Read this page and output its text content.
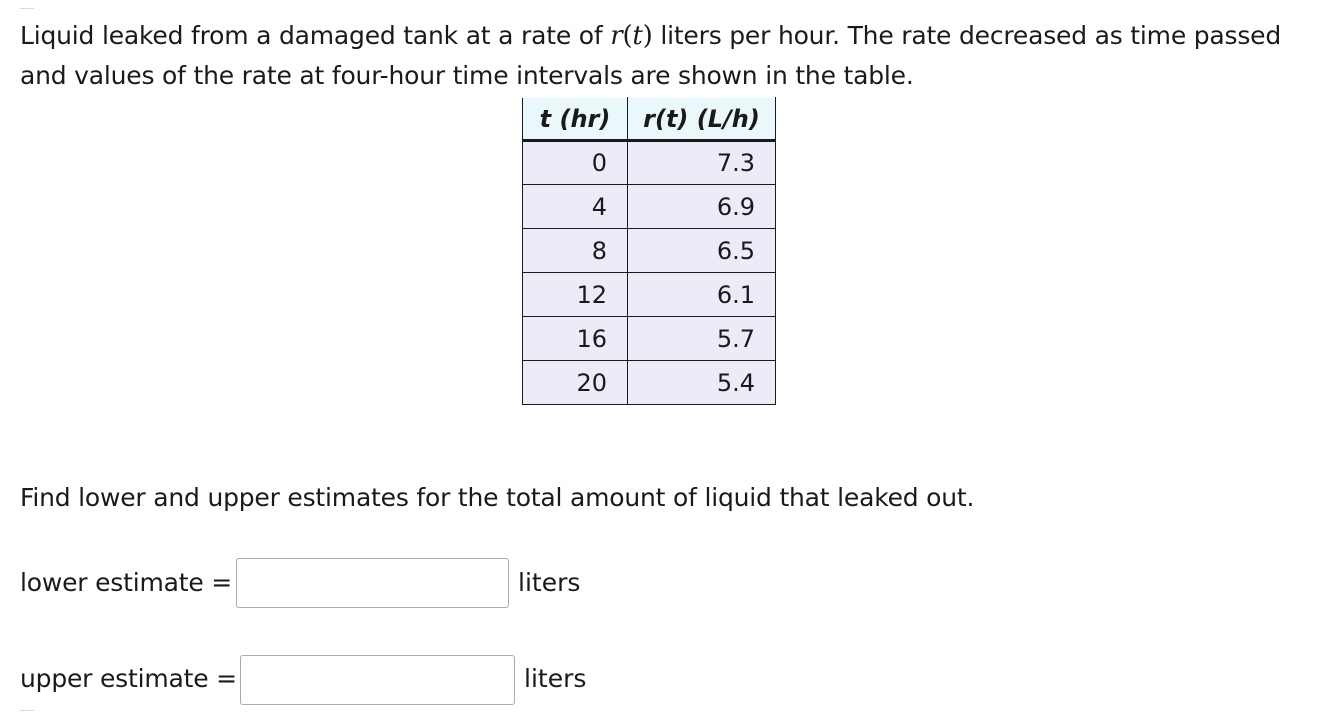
Liquid leaked from a damaged tank at a rate of r(t) liters per hour. The rate decreased as time passed and values of the rate at four-hour time intervals are shown in the table.
t (hr)	r(t) (L/h)
0	7.3
4	6.9
8	6.5
12	6.1
16	5.7
20	5.4
Find lower and upper estimates for the total amount of liquid that leaked out.
lower estimate =	liters
upper estimate =	liters
